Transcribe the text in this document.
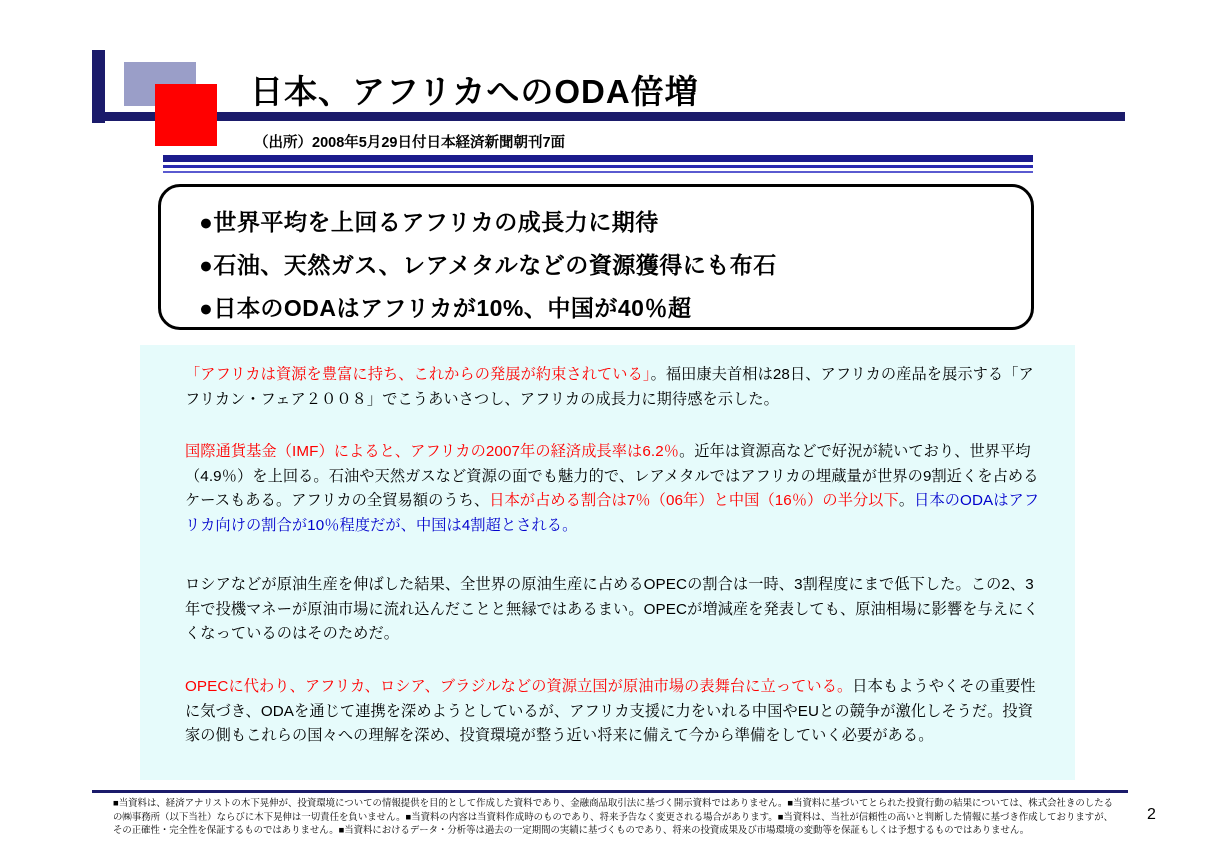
日本、アフリカへのODA倍増
（出所）2008年5月29日付日本経済新聞朝刊7面
●世界平均を上回るアフリカの成長力に期待
●石油、天然ガス、レアメタルなどの資源獲得にも布石
●日本のODAはアフリカが10%、中国が40％超
「アフリカは資源を豊富に持ち、これからの発展が約束されている」。福田康夫首相は28日、アフリカの産品を展示する「アフリカン・フェア２００８」でこうあいさつし、アフリカの成長力に期待感を示した。
国際通貨基金（IMF）によると、アフリカの2007年の経済成長率は6.2％。近年は資源高などで好況が続いており、世界平均（4.9％）を上回る。石油や天然ガスなど資源の面でも魅力的で、レアメタルではアフリカの埋蔵量が世界の9割近くを占めるケースもある。アフリカの全貿易額のうち、日本が占める割合は7％（06年）と中国（16％）の半分以下。日本のODAはアフリカ向けの割合が10％程度だが、中国は4割超とされる。
ロシアなどが原油生産を伸ばした結果、全世界の原油生産に占めるOPECの割合は一時、3割程度にまで低下した。この2、3年で投機マネーが原油市場に流れ込んだことと無縁ではあるまい。OPECが増減産を発表しても、原油相場に影響を与えにくくなっているのはそのためだ。
OPECに代わり、アフリカ、ロシア、ブラジルなどの資源立国が原油市場の表舞台に立っている。日本もようやくその重要性に気づき、ODAを通じて連携を深めようとしているが、アフリカ支援に力をいれる中国やEUとの競争が激化しそうだ。投資家の側もこれらの国々への理解を深め、投資環境が整う近い将来に備えて今から準備をしていく必要がある。
■当資料は、経済アナリストの木下晃伸が、投資環境についての情報提供を目的として作成した資料であり、金融商品取引法に基づく開示資料ではありません。■当資料に基づいてとられた投資行動の結果については、株式会社きのしたるの㈱事務所（以下当社）ならびに木下晃伸は一切責任を負いません。■当資料の内容は当資料作成時のものであり、将来予告なく変更される場合があります。■当資料は、当社が信頼性の高いと判断した情報に基づき作成しておりますが、その正確性・完全性を保証するものではありません。■当資料におけるデータ・分析等は過去の一定期間の実績に基づくものであり、将来の投資成果及び市場環境の変動等を保証もしくは予想するものではありません。
2
